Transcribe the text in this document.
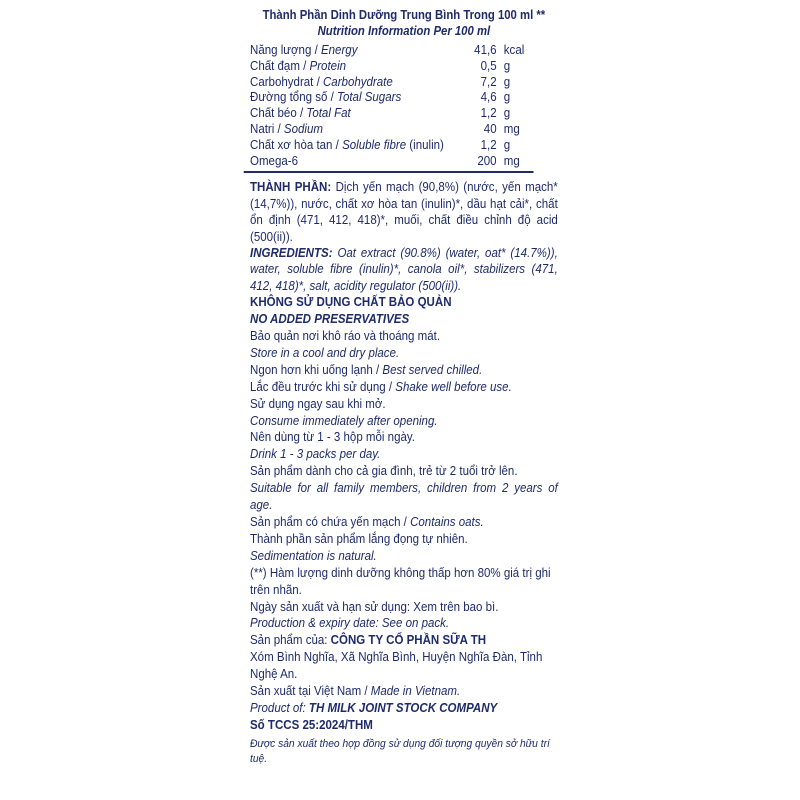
Thành Phần Dinh Dưỡng Trung Bình Trong 100 ml **
Nutrition Information Per 100 ml
Năng lượng / Energy	41,6 kcal
Chất đạm / Protein	0,5 g
Carbohydrat / Carbohydrate	7,2 g
Đường tổng số / Total Sugars	4,6 g
Chất béo / Total Fat	1,2 g
Natri / Sodium	40 mg
Chất xơ hòa tan / Soluble fibre (inulin)	1,2 g
Omega-6	200 mg

THÀNH PHẦN: Dịch yến mạch (90,8%) (nước, yến mạch* (14,7%)), nước, chất xơ hòa tan (inulin)*, dầu hạt cải*, chất ổn định (471, 412, 418)*, muối, chất điều chỉnh độ acid (500(ii)).

INGREDIENTS: Oat extract (90.8%) (water, oat* (14.7%)), water, soluble fibre (inulin)*, canola oil*, stabilizers (471, 412, 418)*, salt, acidity regulator (500(ii)).

KHÔNG SỬ DỤNG CHẤT BẢO QUẢN

NO ADDED PRESERVATIVES

Bảo quản nơi khô ráo và thoáng mát.

Store in a cool and dry place.

Ngon hơn khi uống lạnh / Best served chilled.

Lắc đều trước khi sử dụng / Shake well before use.

Sử dụng ngay sau khi mở.

Consume immediately after opening.

Nên dùng từ 1 - 3 hộp mỗi ngày.

Drink 1 - 3 packs per day.

Sản phẩm dành cho cả gia đình, trẻ từ 2 tuổi trở lên.

Suitable for all family members, children from 2 years of age.

Sản phẩm có chứa yến mạch / Contains oats.

Thành phần sản phẩm lắng đọng tự nhiên.

Sedimentation is natural.

(**) Hàm lượng dinh dưỡng không thấp hơn 80% giá trị ghi trên nhãn.

Ngày sản xuất và hạn sử dụng: Xem trên bao bì.

Production & expiry date: See on pack.

Sản phẩm của: CÔNG TY CỔ PHẦN SỮA TH

Xóm Bình Nghĩa, Xã Nghĩa Bình, Huyện Nghĩa Đàn, Tỉnh Nghệ An.

Sản xuất tại Việt Nam / Made in Vietnam.

Product of: TH MILK JOINT STOCK COMPANY

Số TCCS 25:2024/THM

Được sản xuất theo hợp đồng sử dụng đối tượng quyền sở hữu trí tuệ.
